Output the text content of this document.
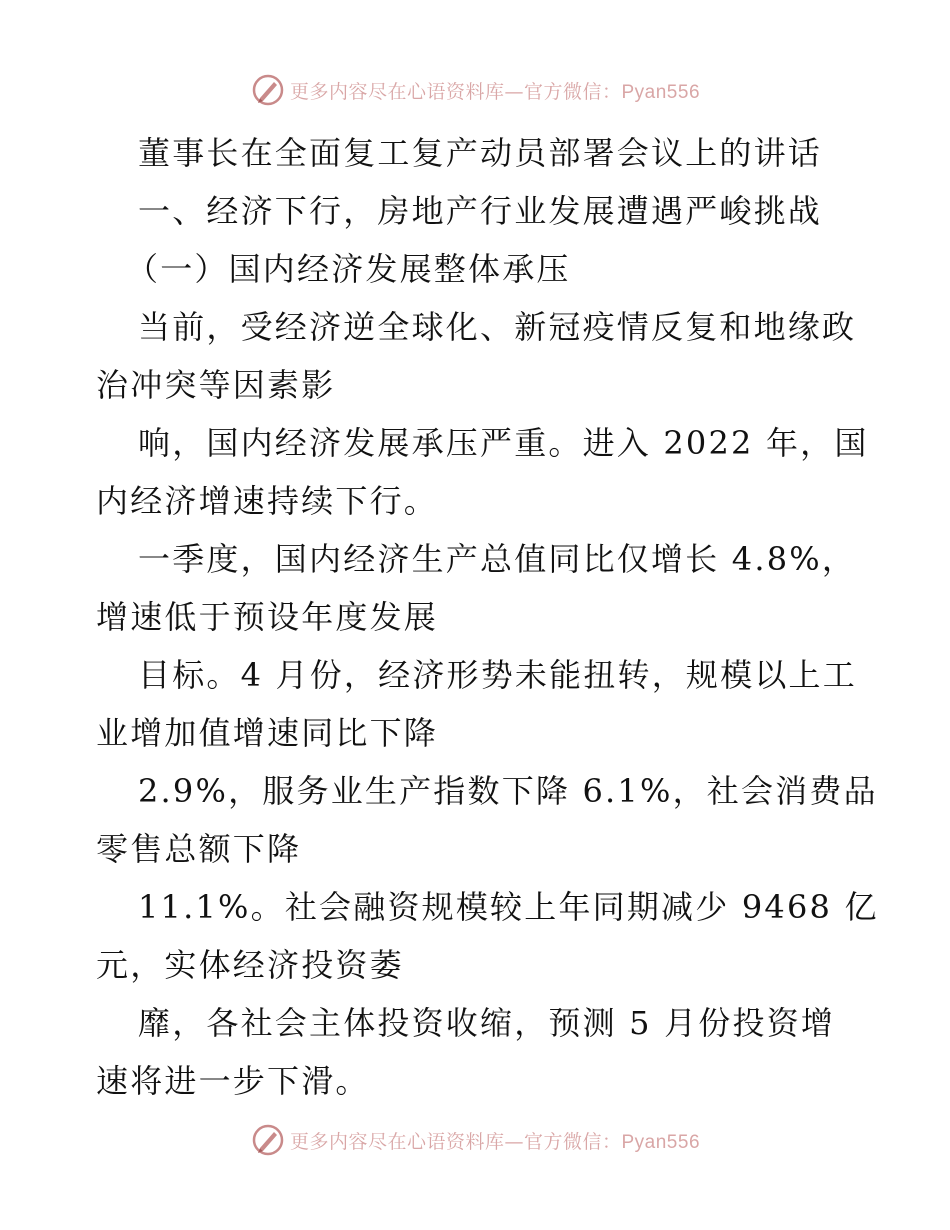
更多内容尽在心语资料库—官方微信：Pyan556
董事长在全面复工复产动员部署会议上的讲话
一、经济下行，房地产行业发展遭遇严峻挑战
（一）国内经济发展整体承压
当前，受经济逆全球化、新冠疫情反复和地缘政
治冲突等因素影
响，国内经济发展承压严重。进入 2022 年，国
内经济增速持续下行。
一季度，国内经济生产总值同比仅增长 4.8%，
增速低于预设年度发展
目标。4 月份，经济形势未能扭转，规模以上工
业增加值增速同比下降
2.9%，服务业生产指数下降 6.1%，社会消费品
零售总额下降
11.1%。社会融资规模较上年同期减少 9468 亿
元，实体经济投资萎
靡，各社会主体投资收缩，预测 5 月份投资增
速将进一步下滑。
更多内容尽在心语资料库—官方微信：Pyan556
